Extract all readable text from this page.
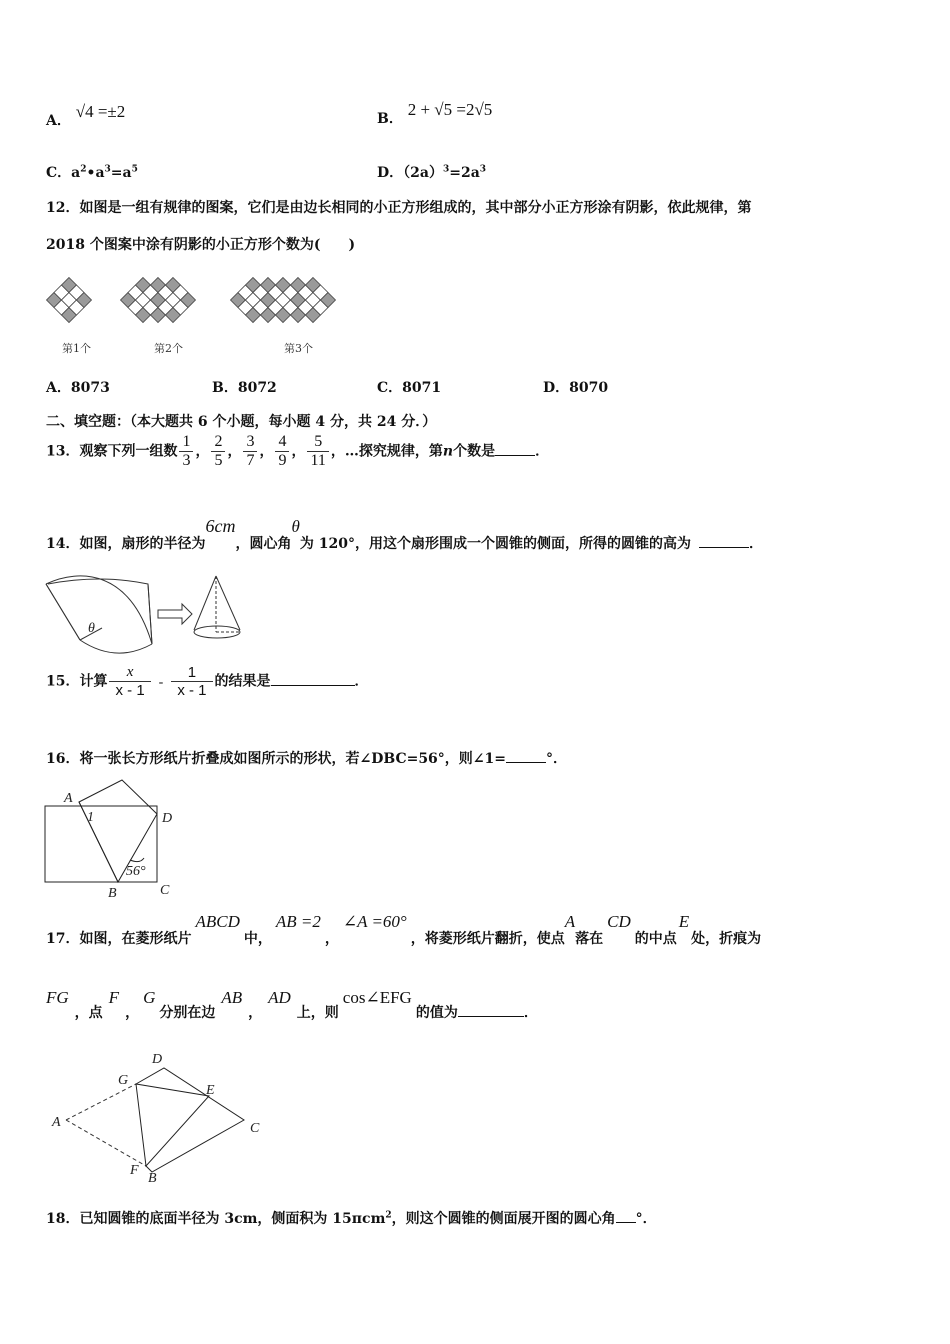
A． √4 =±2	B． 2 + √5 =2√5
C．$a^2•a^3=a^5$	D．$(2a)^3=2a^3$
12．如图是一组有规律的图案，它们是由边长相同的小正方形组成的，其中部分小正方形涂有阴影，依此规律，第
2018 个图案中涂有阴影的小正方形个数为(　　)
第1个	第2个	第3个
A．8073	B．8072	C．8071	D．8070
二、填空题：（本大题共 6 个小题，每小题 4 分，共 24 分．）
13．观察下列一组数 $\frac{1}{3}$ ， $\frac{2}{5}$ ， $\frac{3}{7}$ ， $\frac{4}{9}$ ， $\frac{5}{11}$ ，…探究规律，第n个数是	．
14．如图，扇形的半径为6cm，圆心角θ为 120°，用这个扇形围成一个圆锥的侧面，所得的圆锥的高为	．
θ
15．计算 $\frac{x}{x - 1} - \frac{1}{x - 1}$ 的结果是	．
16．将一张长方形纸片折叠成如图所示的形状，若∠DBC=56°，则∠1=	°．
A
1	D
56°
B	C
17．如图，在菱形纸片ABCD中，AB =2，∠A =60°，将菱形纸片翻折，使点A落在CD的中点E处，折痕为
FG，点F，G分别在边AB，AD上，则cos∠EFG的值为	．
D
G
E
A	C
F
B
18．已知圆锥的底面半径为 3cm，侧面积为 15πcm$^2$，则这个圆锥的侧面展开图的圆心角 °．
